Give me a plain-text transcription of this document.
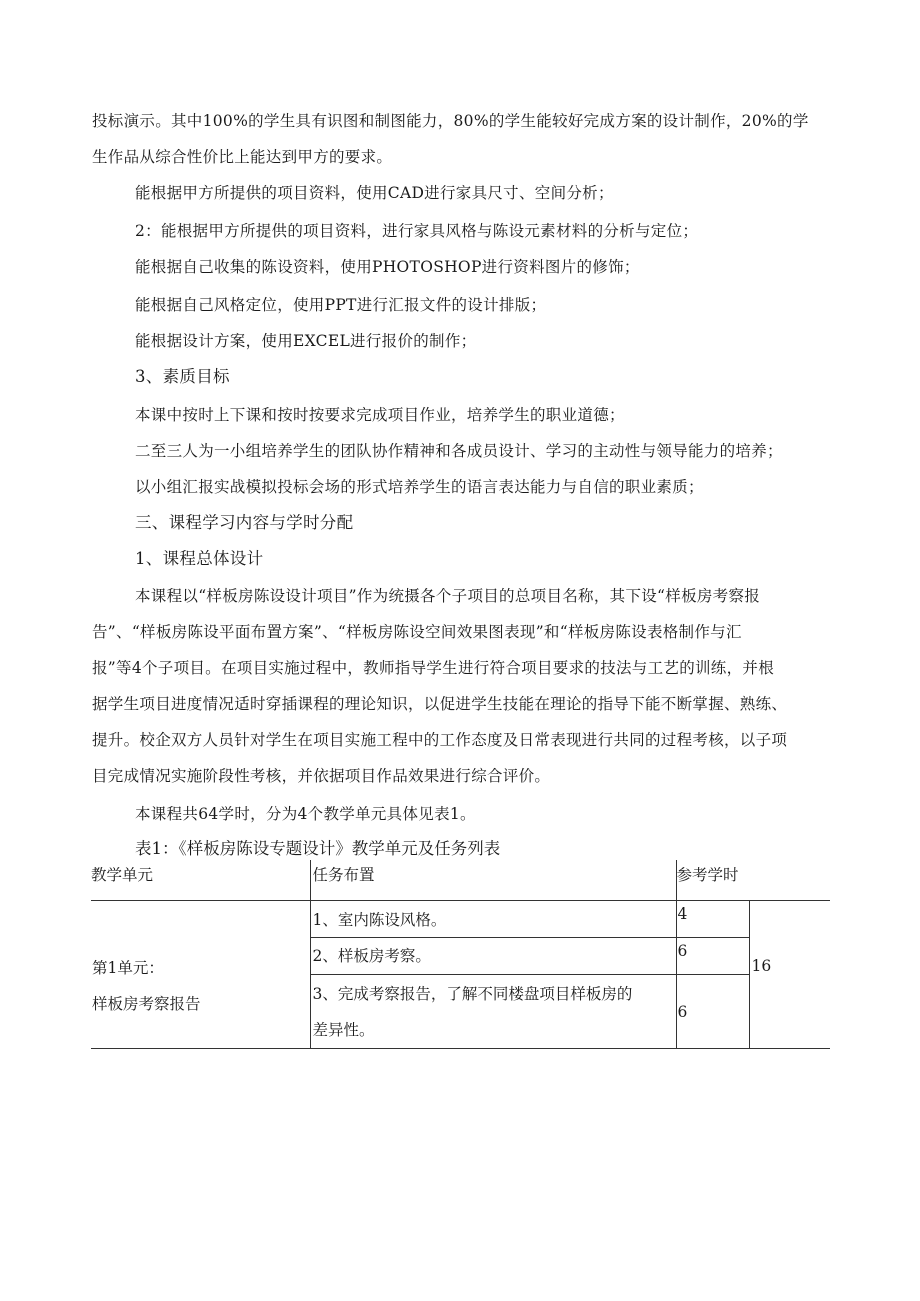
投标演示。其中100%的学生具有识图和制图能力，80%的学生能较好完成方案的设计制作，20%的学
生作品从综合性价比上能达到甲方的要求。
能根据甲方所提供的项目资料，使用CAD进行家具尺寸、空间分析；
2：能根据甲方所提供的项目资料，进行家具风格与陈设元素材料的分析与定位；
能根据自己收集的陈设资料，使用PHOTOSHOP进行资料图片的修饰；
能根据自己风格定位，使用PPT进行汇报文件的设计排版；
能根据设计方案，使用EXCEL进行报价的制作；
3、素质目标
本课中按时上下课和按时按要求完成项目作业，培养学生的职业道德；
二至三人为一小组培养学生的团队协作精神和各成员设计、学习的主动性与领导能力的培养；
以小组汇报实战模拟投标会场的形式培养学生的语言表达能力与自信的职业素质；
三、课程学习内容与学时分配
1、课程总体设计
本课程以“样板房陈设设计项目”作为统摄各个子项目的总项目名称，其下设“样板房考察报
告”、“样板房陈设平面布置方案”、“样板房陈设空间效果图表现”和“样板房陈设表格制作与汇
报”等4个子项目。在项目实施过程中，教师指导学生进行符合项目要求的技法与工艺的训练，并根
据学生项目进度情况适时穿插课程的理论知识，以促进学生技能在理论的指导下能不断掌握、熟练、
提升。校企双方人员针对学生在项目实施工程中的工作态度及日常表现进行共同的过程考核，以子项
目完成情况实施阶段性考核，并依据项目作品效果进行综合评价。
本课程共64学时，分为4个教学单元具体见表1。
表1：《样板房陈设专题设计》教学单元及任务列表
教学单元	任务布置	参考学时	

第1单元：
样板房考察报告	1、室内陈设风格。	4	16

	2、样板房考察。	6	

	3、完成考察报告，了解不同楼盘项目样板房的
差异性。	6	
